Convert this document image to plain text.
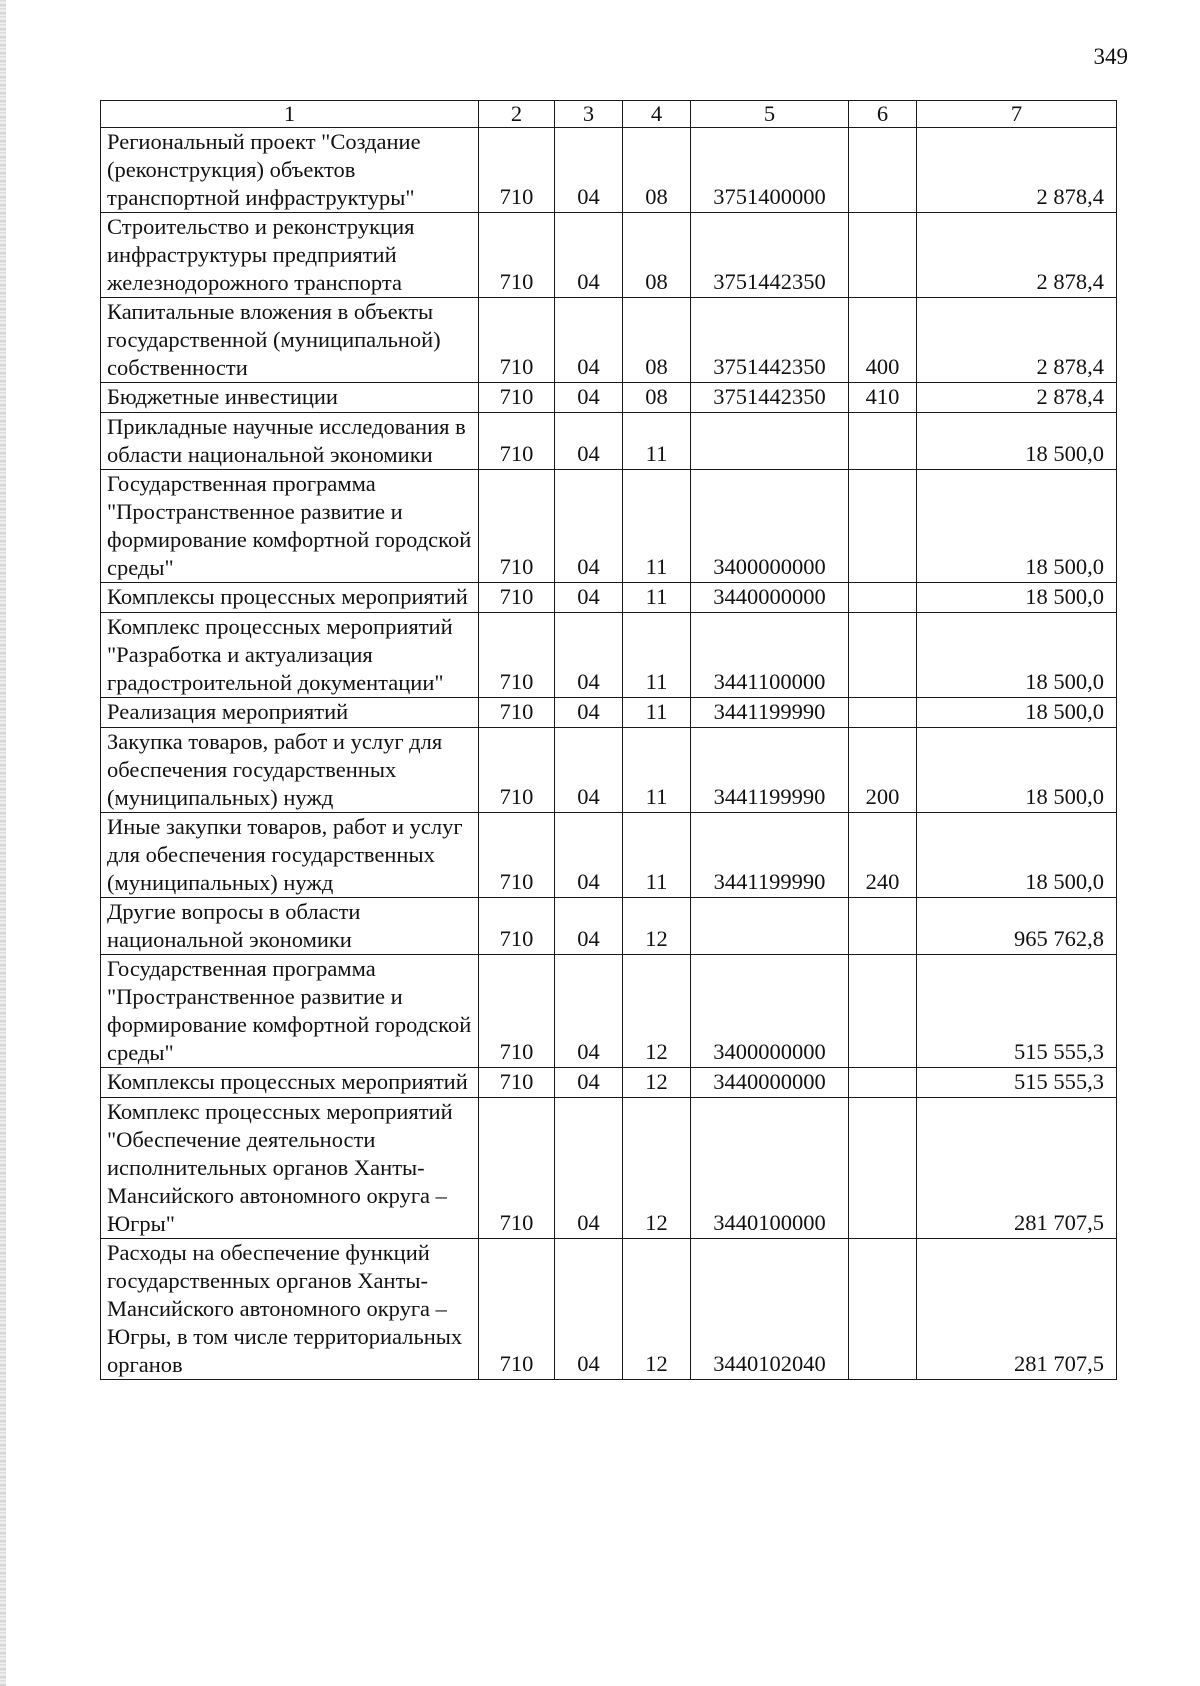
349
1	2	3	4	5	6	7
Региональный проект "Создание (реконструкция) объектов транспортной инфраструктуры"	710	04	08	3751400000		2 878,4
Строительство и реконструкция инфраструктуры предприятий железнодорожного транспорта	710	04	08	3751442350		2 878,4
Капитальные вложения в объекты государственной (муниципальной) собственности	710	04	08	3751442350	400	2 878,4
Бюджетные инвестиции	710	04	08	3751442350	410	2 878,4
Прикладные научные исследования в области национальной экономики	710	04	11			18 500,0
Государственная программа "Пространственное развитие и формирование комфортной городской среды"	710	04	11	3400000000		18 500,0
Комплексы процессных мероприятий	710	04	11	3440000000		18 500,0
Комплекс процессных мероприятий "Разработка и актуализация градостроительной документации"	710	04	11	3441100000		18 500,0
Реализация мероприятий	710	04	11	3441199990		18 500,0
Закупка товаров, работ и услуг для обеспечения государственных (муниципальных) нужд	710	04	11	3441199990	200	18 500,0
Иные закупки товаров, работ и услуг для обеспечения государственных (муниципальных) нужд	710	04	11	3441199990	240	18 500,0
Другие вопросы в области национальной экономики	710	04	12			965 762,8
Государственная программа "Пространственное развитие и формирование комфортной городской среды"	710	04	12	3400000000		515 555,3
Комплексы процессных мероприятий	710	04	12	3440000000		515 555,3
Комплекс процессных мероприятий "Обеспечение деятельности исполнительных органов Ханты-Мансийского автономного округа – Югры"	710	04	12	3440100000		281 707,5
Расходы на обеспечение функций государственных органов Ханты-Мансийского автономного округа – Югры, в том числе территориальных органов	710	04	12	3440102040		281 707,5
